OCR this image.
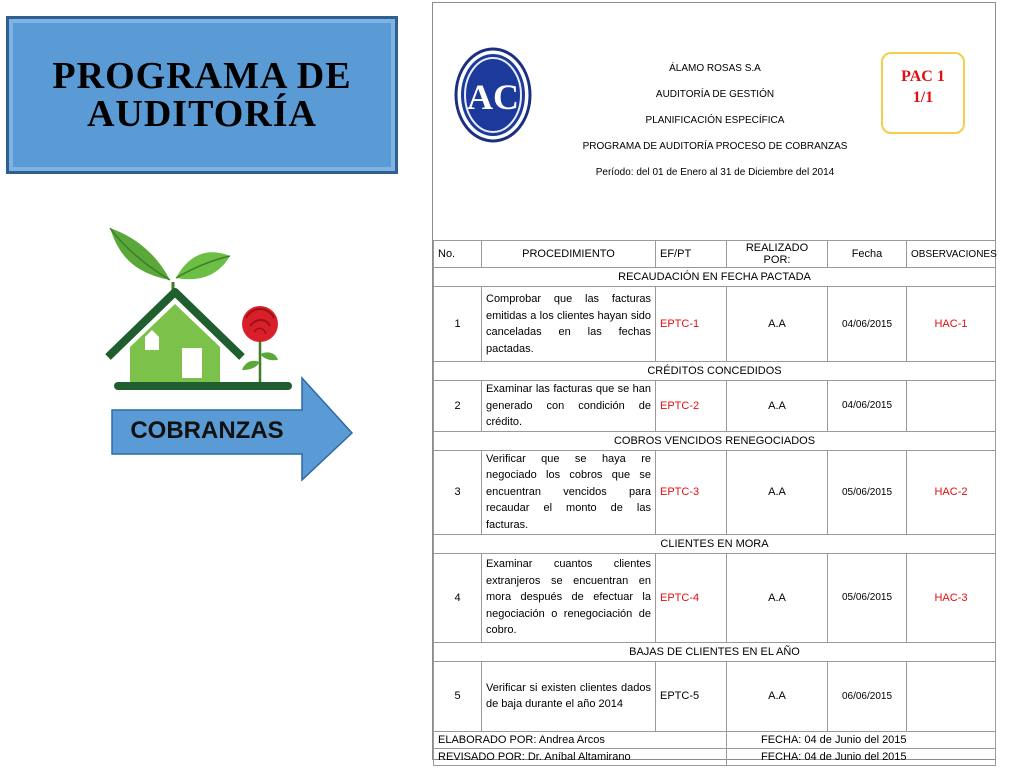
PROGRAMA DE
AUDITORÍA
COBRANZAS
AC
ÁLAMO ROSAS S.A
AUDITORÍA DE GESTIÓN
PLANIFICACIÓN ESPECÍFICA
PROGRAMA DE AUDITORÍA PROCESO DE COBRANZAS
Período: del 01 de Enero al 31 de Diciembre del 2014
PAC 1
1/1
No.	PROCEDIMIENTO	EF/PT	REALIZADO POR:	Fecha	OBSERVACIONES
RECAUDACIÓN EN FECHA PACTADA					
1	Comprobar que las facturas emitidas a los clientes hayan sido canceladas en las fechas pactadas.	EPTC-1	A.A	04/06/2015	HAC-1
CRÉDITOS CONCEDIDOS					
2	Examinar las facturas que se han generado con condición de crédito.	EPTC-2	A.A	04/06/2015	
COBROS VENCIDOS RENEGOCIADOS					
3	Verificar que se haya re negociado los cobros que se encuentran vencidos para recaudar el monto de las facturas.	EPTC-3	A.A	05/06/2015	HAC-2
CLIENTES EN MORA					
4	Examinar cuantos clientes extranjeros se encuentran en mora después de efectuar la negociación o renegociación de cobro.	EPTC-4	A.A	05/06/2015	HAC-3
BAJAS DE CLIENTES EN EL AÑO					
5	Verificar si existen clientes dados de baja durante el año 2014	EPTC-5	A.A	06/06/2015	
ELABORADO POR: Andrea Arcos			FECHA: 04 de Junio del 2015		
REVISADO POR: Dr. Aníbal Altamirano			FECHA: 04 de Junio del 2015		
